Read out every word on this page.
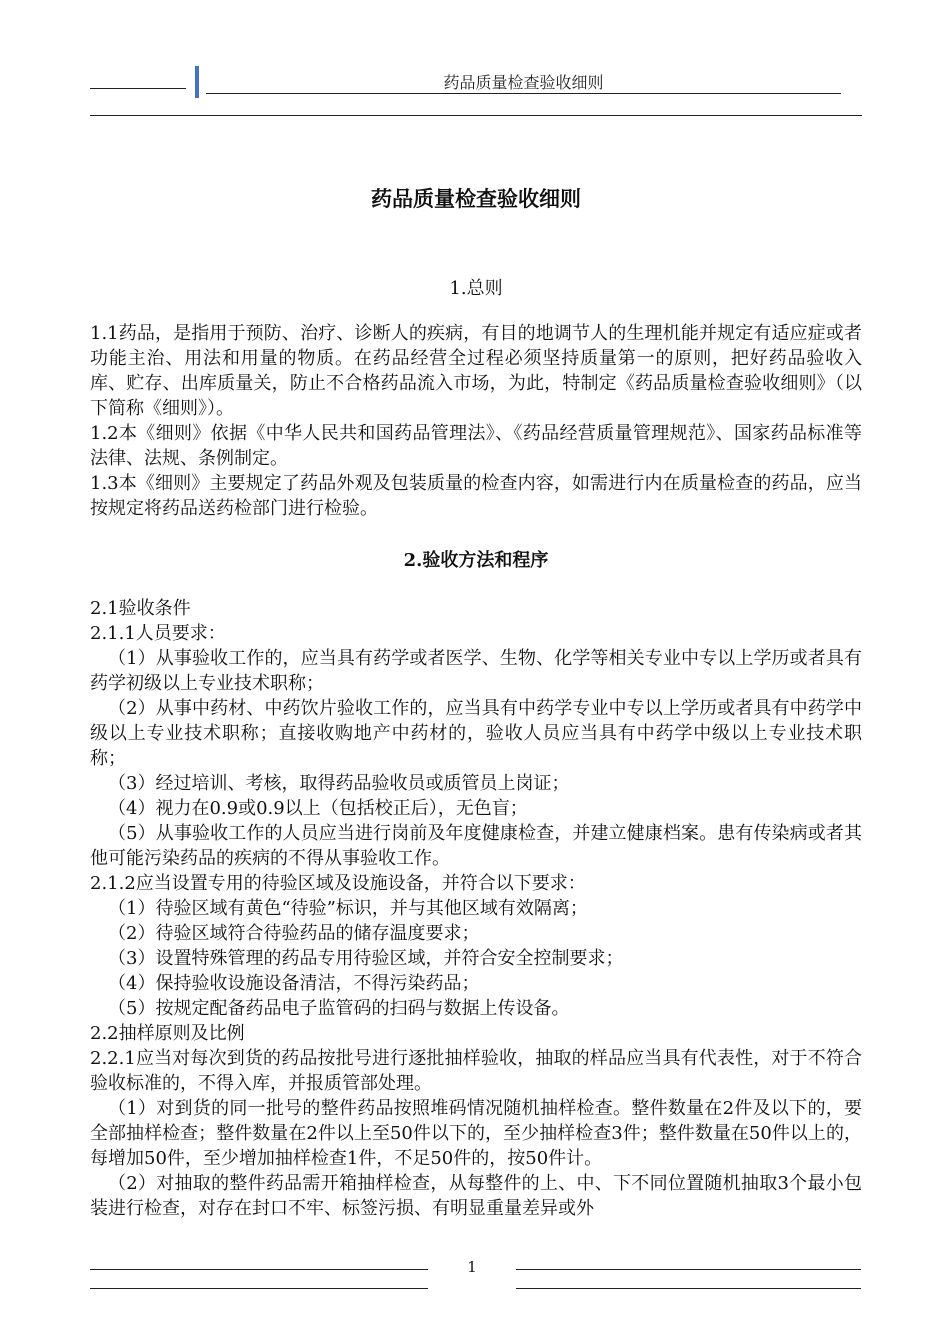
药品质量检查验收细则
药品质量检查验收细则
1.总则

1.1药品，是指用于预防、治疗、诊断人的疾病，有目的地调节人的生理机能并规定有适应症或者功能主治、用法和用量的物质。在药品经营全过程必须坚持质量第一的原则，把好药品验收入库、贮存、出库质量关，防止不合格药品流入市场，为此，特制定《药品质量检查验收细则》（以下简称《细则》）。

1.2本《细则》依据《中华人民共和国药品管理法》、《药品经营质量管理规范》、国家药品标准等法律、法规、条例制定。

1.3本《细则》主要规定了药品外观及包装质量的检查内容，如需进行内在质量检查的药品，应当按规定将药品送药检部门进行检验。

2.验收方法和程序

2.1验收条件

2.1.1人员要求：

（1）从事验收工作的，应当具有药学或者医学、生物、化学等相关专业中专以上学历或者具有药学初级以上专业技术职称；

（2）从事中药材、中药饮片验收工作的，应当具有中药学专业中专以上学历或者具有中药学中级以上专业技术职称；直接收购地产中药材的，验收人员应当具有中药学中级以上专业技术职称；

（3）经过培训、考核，取得药品验收员或质管员上岗证；

（4）视力在0.9或0.9以上（包括校正后），无色盲；

（5）从事验收工作的人员应当进行岗前及年度健康检查，并建立健康档案。患有传染病或者其他可能污染药品的疾病的不得从事验收工作。

2.1.2应当设置专用的待验区域及设施设备，并符合以下要求：

（1）待验区域有黄色“待验”标识，并与其他区域有效隔离；

（2）待验区域符合待验药品的储存温度要求；

（3）设置特殊管理的药品专用待验区域，并符合安全控制要求；

（4）保持验收设施设备清洁，不得污染药品；

（5）按规定配备药品电子监管码的扫码与数据上传设备。

2.2抽样原则及比例

2.2.1应当对每次到货的药品按批号进行逐批抽样验收，抽取的样品应当具有代表性，对于不符合验收标准的，不得入库，并报质管部处理。

（1）对到货的同一批号的整件药品按照堆码情况随机抽样检查。整件数量在2件及以下的，要全部抽样检查；整件数量在2件以上至50件以下的，至少抽样检查3件；整件数量在50件以上的，每增加50件，至少增加抽样检查1件，不足50件的，按50件计。

（2）对抽取的整件药品需开箱抽样检查，从每整件的上、中、下不同位置随机抽取3个最小包装进行检查，对存在封口不牢、标签污损、有明显重量差异或外

1
